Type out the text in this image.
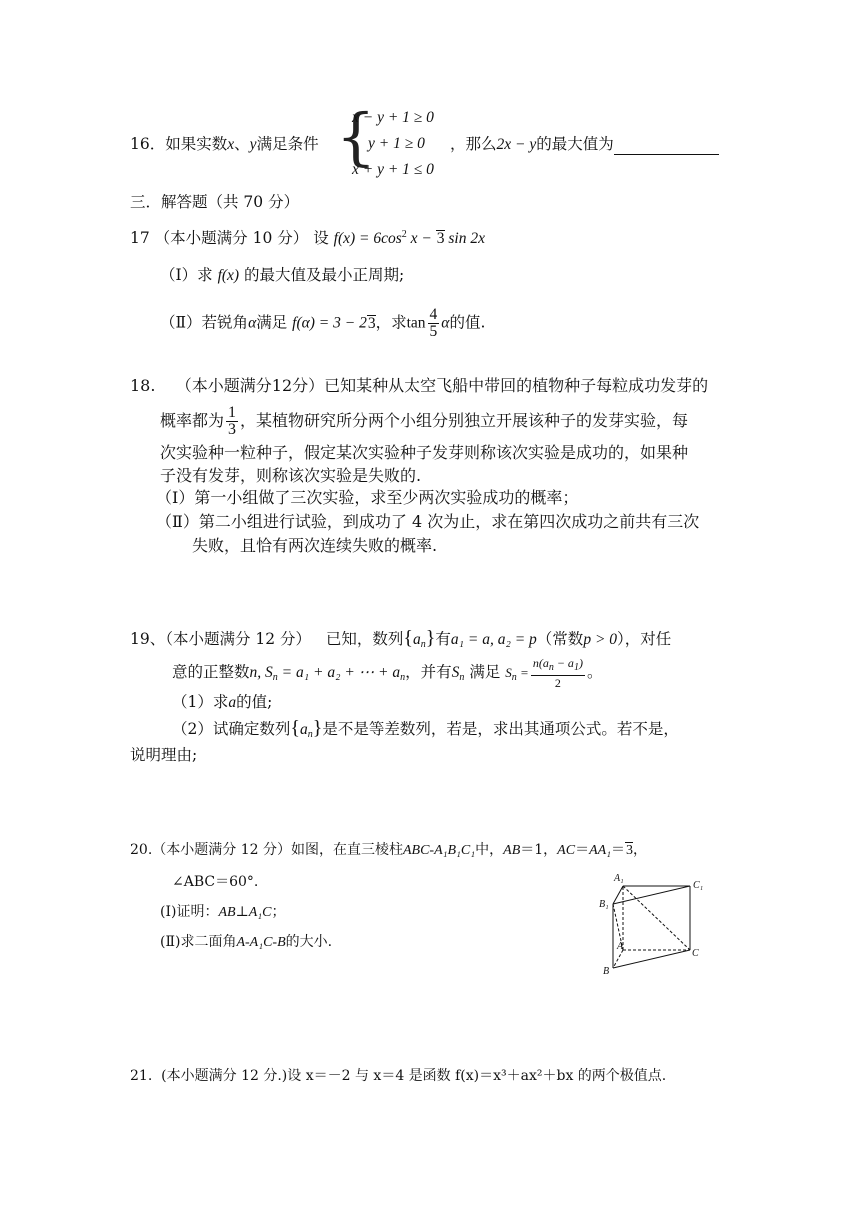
16．如果实数x、y满足条件 {
x − y + 1 ≥ 0
y + 1 ≥ 0
x + y + 1 ≤ 0
，那么2x − y的最大值为
三．解答题（共 70 分）
17 （本小题满分 10 分） 设 $f(x) = 6\cos^2$ x − 3 sin 2x
（Ⅰ）求 f(x) 的最大值及最小正周期;
（Ⅱ）若锐角α满足 f(α) = 3 − 23，求$\tan \frac{4}{5}$ α的值.
18. （本小题满分12分）已知某种从太空飞船中带回的植物种子每粒成功发芽的
概率都为 $\frac{1}{3}$ ，某植物研究所分两个小组分别独立开展该种子的发芽实验，每
次实验种一粒种子，假定某次实验种子发芽则称该次实验是成功的，如果种
子没有发芽，则称该次实验是失败的.
（Ⅰ）第一小组做了三次实验，求至少两次实验成功的概率；
（Ⅱ）第二小组进行试验，到成功了 4 次为止，求在第四次成功之前共有三次
失败，且恰有两次连续失败的概率.
19、（本小题满分 12 分） 已知，数列$\{a_n\}$有a₁ = a, a₂ = p（常数p > 0），对任
意的正整数n, $S_n = a_1 + a_2$ + ⋯ + $a_n$，并有$S_n$ 满足 $S_n = \frac{n(a_n - a_1)}{2}$ 。
（1）求a的值;
（2）试确定数列$\{a_n\}$是不是等差数列，若是，求出其通项公式。若不是，
说明理由;
20.（本小题满分 12 分）如图，在直三棱柱ABC-A₁B₁C₁中，AB＝1，AC＝AA₁＝3，
∠ABC＝60°.
(Ⅰ)证明：AB⊥A₁C；
(Ⅱ)求二面角A-A₁C-B的大小.
A₁
C₁
B₁
A
C
B
21. (本小题满分 12 分.)设 x＝－2 与 x＝4 是函数 f(x)＝x³＋ax²＋bx 的两个极值点.
